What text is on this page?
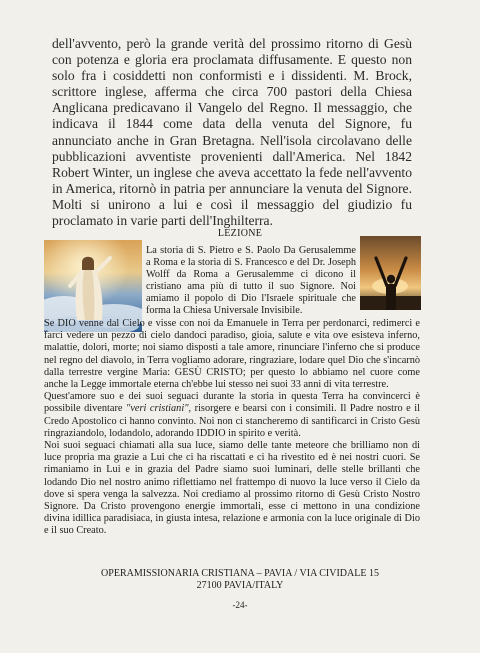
dell'avvento, però la grande verità del prossimo ritorno di Gesù con potenza e gloria era proclamata diffusamente. E questo non solo fra i cosiddetti non conformisti e i dissidenti. M. Brock, scrittore inglese, afferma che circa 700 pastori della Chiesa Anglicana predicavano il Vangelo del Regno. Il messaggio, che indicava il 1844 come data della venuta del Signore, fu annunciato anche in Gran Bretagna. Nell'isola circolavano delle pubblicazioni avventiste provenienti dall'America. Nel 1842 Robert Winter, un inglese che aveva accettato la fede nell'avvento in America, ritornò in patria per annunciare la venuta del Signore. Molti si unirono a lui e così il messaggio del giudizio fu proclamato in varie parti dell'Inghilterra.
LEZIONE
La storia di S. Pietro e S. Paolo Da Gerusalemme a Roma e la storia di S. Francesco e del Dr. Joseph Wolff da Roma a Gerusalemme ci dicono il cristiano ama più di tutto il suo Signore. Noi amiamo il popolo di Dio l'Israele spirituale che forma la Chiesa Universale Invisibile.

Se DIO venne dal Cielo e visse con noi da Emanuele in Terra per perdonarci, redimerci e farci vedere un pezzo di cielo dandoci paradiso, gioia, salute e vita ove esisteva inferno, malattie, dolori, morte; noi siamo disposti a tale amore, rinunciare l'inferno che si produce nel regno del diavolo, in Terra vogliamo adorare, ringraziare, lodare quel Dio che s'incarnò dalla terrestre vergine Maria: GESÙ CRISTO; per questo lo abbiamo nel cuore come anche la Legge immortale eterna ch'ebbe lui stesso nei suoi 33 anni di vita terrestre.

Quest'amore suo e dei suoi seguaci durante la storia in questa Terra ha convincerci è possibile diventare "veri cristiani", risorgere e bearsi con i consimili. Il Padre nostro e il Credo Apostolico ci hanno convinto. Noi non ci stancheremo di santificarci in Cristo Gesù ringraziandolo, lodandolo, adorando IDDIO in spirito e verità.

Noi suoi seguaci chiamati alla sua luce, siamo delle tante meteore che brilliamo non di luce propria ma grazie a Lui che ci ha riscattati e ci ha rivestito ed è nei nostri cuori. Se rimaniamo in Lui e in grazia del Padre siamo suoi luminari, delle stelle brillanti che lodando Dio nel nostro animo riflettiamo nel frattempo di nuovo la luce verso il Cielo da dove si spera venga la salvezza. Noi crediamo al prossimo ritorno di Gesù Cristo Nostro Signore. Da Cristo provengono energie immortali, esse ci mettono in una condizione divina idillica paradisiaca, in giusta intesa, relazione e armonia con la luce originale di Dio e il suo Creato.

OPERAMISSIONARIA CRISTIANA – PAVIA / VIA CIVIDALE 15
27100 PAVIA/ITALY
-24-
